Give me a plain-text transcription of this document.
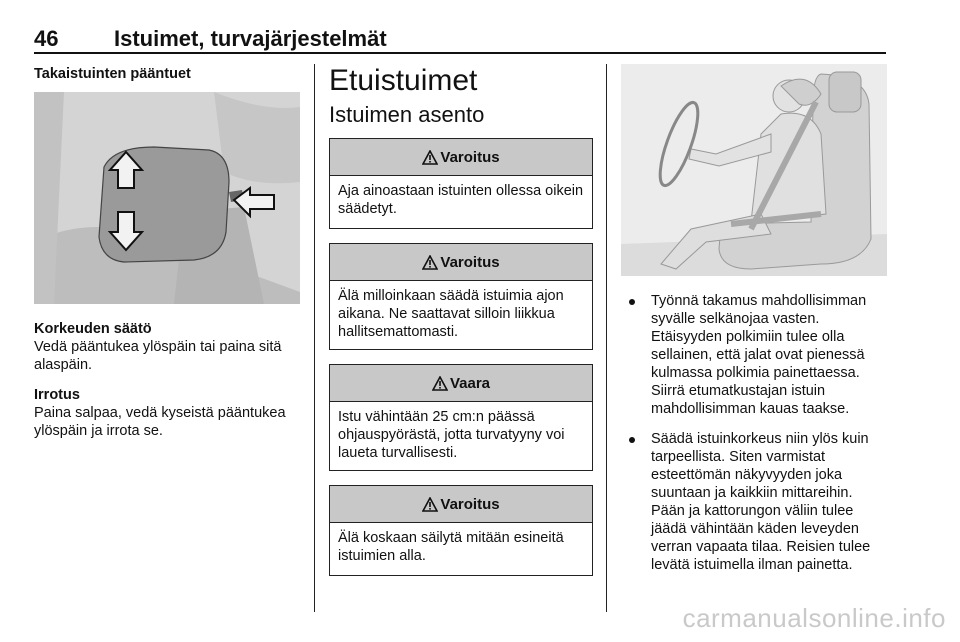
46	Istuimet, turvajärjestelmät

Takaistuinten pääntuet

Korkeuden säätö

Vedä pääntukea ylöspäin tai paina sitä alaspäin.

Irrotus

Paina salpaa, vedä kyseistä pääntukea ylöspäin ja irrota se.

Etuistuimet

Istuimen asento

Varoitus
Aja ainoastaan istuinten ollessa oikein säädetyt.
Varoitus
Älä milloinkaan säädä istuimia ajon aikana. Ne saattavat silloin liikkua hallitsemattomasti.
Vaara
Istu vähintään 25 cm:n päässä ohjauspyörästä, jotta turvatyyny voi laueta turvallisesti.
Varoitus
Älä koskaan säilytä mitään esineitä istuimien alla.
Työnnä takamus mahdollisimman syvälle selkänojaa vasten. Etäisyyden polkimiin tulee olla sellainen, että jalat ovat pienessä kulmassa polkimia painettaessa. Siirrä etumatkustajan istuin mahdollisimman kauas taakse.
Säädä istuinkorkeus niin ylös kuin tarpeellista. Siten varmistat esteettömän näkyvyyden joka suuntaan ja kaikkiin mittareihin. Pään ja kattorungon väliin tulee jäädä vähintään käden leveyden verran vapaata tilaa. Reisien tulee levätä istuimella ilman painetta.
carmanualsonline.info
